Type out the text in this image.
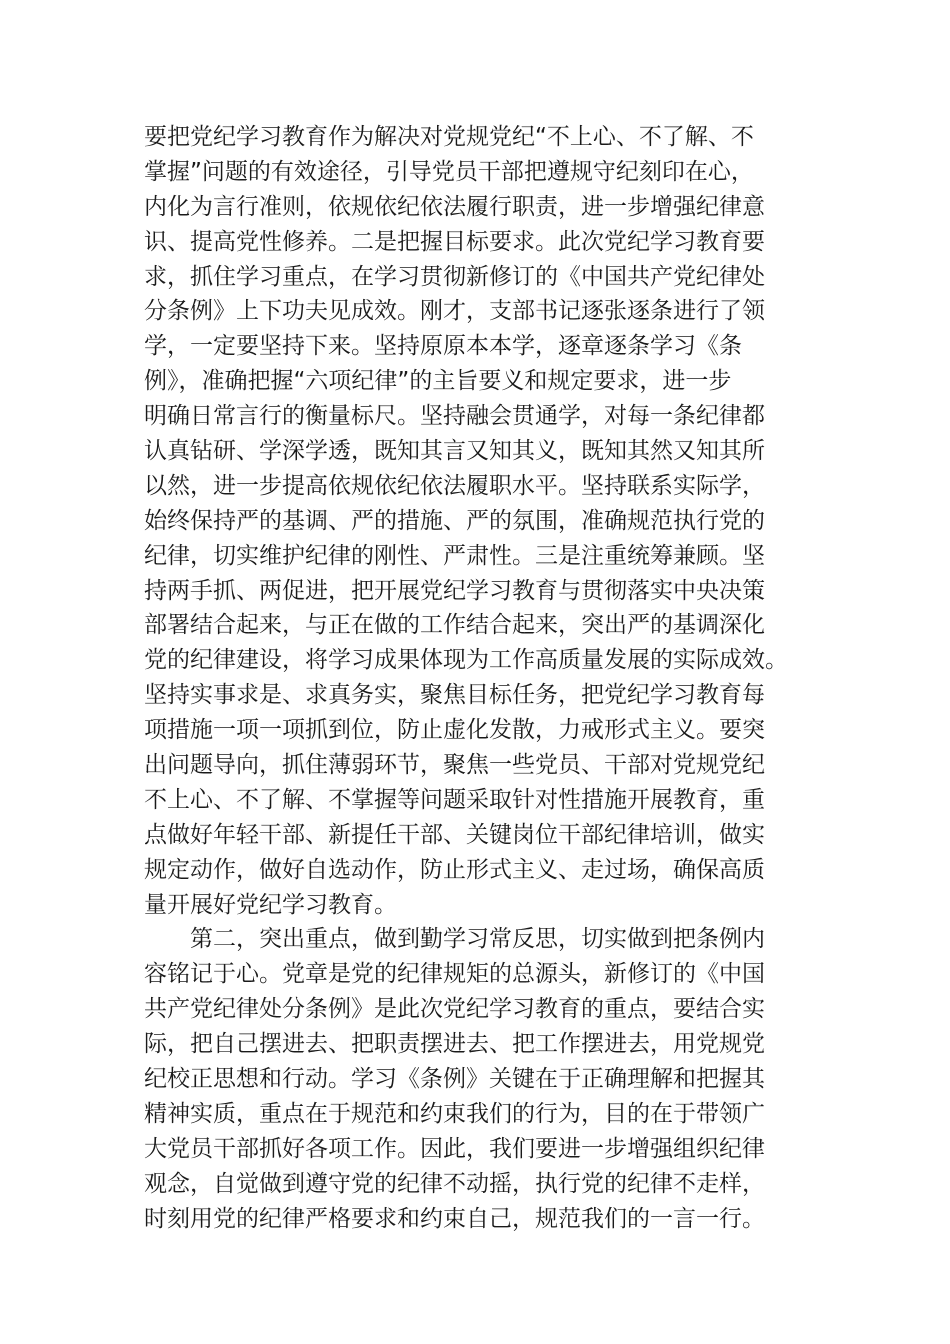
要把党纪学习教育作为解决对党规党纪“不上心、不了解、不
掌握”问题的有效途径，引导党员干部把遵规守纪刻印在心，
内化为言行准则，依规依纪依法履行职责，进一步增强纪律意
识、提高党性修养。二是把握目标要求。此次党纪学习教育要
求，抓住学习重点，在学习贯彻新修订的《中国共产党纪律处
分条例》上下功夫见成效。刚才，支部书记逐张逐条进行了领
学，一定要坚持下来。坚持原原本本学，逐章逐条学习《条
例》，准确把握“六项纪律”的主旨要义和规定要求，进一步
明确日常言行的衡量标尺。坚持融会贯通学，对每一条纪律都
认真钻研、学深学透，既知其言又知其义，既知其然又知其所
以然，进一步提高依规依纪依法履职水平。坚持联系实际学，
始终保持严的基调、严的措施、严的氛围，准确规范执行党的
纪律，切实维护纪律的刚性、严肃性。三是注重统筹兼顾。坚
持两手抓、两促进，把开展党纪学习教育与贯彻落实中央决策
部署结合起来，与正在做的工作结合起来，突出严的基调深化
党的纪律建设，将学习成果体现为工作高质量发展的实际成效。
坚持实事求是、求真务实，聚焦目标任务，把党纪学习教育每
项措施一项一项抓到位，防止虚化发散，力戒形式主义。要突
出问题导向，抓住薄弱环节，聚焦一些党员、干部对党规党纪
不上心、不了解、不掌握等问题采取针对性措施开展教育，重
点做好年轻干部、新提任干部、关键岗位干部纪律培训，做实
规定动作，做好自选动作，防止形式主义、走过场，确保高质
量开展好党纪学习教育。
第二，突出重点，做到勤学习常反思，切实做到把条例内
容铭记于心。党章是党的纪律规矩的总源头，新修订的《中国
共产党纪律处分条例》是此次党纪学习教育的重点，要结合实
际，把自己摆进去、把职责摆进去、把工作摆进去，用党规党
纪校正思想和行动。学习《条例》关键在于正确理解和把握其
精神实质，重点在于规范和约束我们的行为，目的在于带领广
大党员干部抓好各项工作。因此，我们要进一步增强组织纪律
观念，自觉做到遵守党的纪律不动摇，执行党的纪律不走样，
时刻用党的纪律严格要求和约束自己，规范我们的一言一行。
